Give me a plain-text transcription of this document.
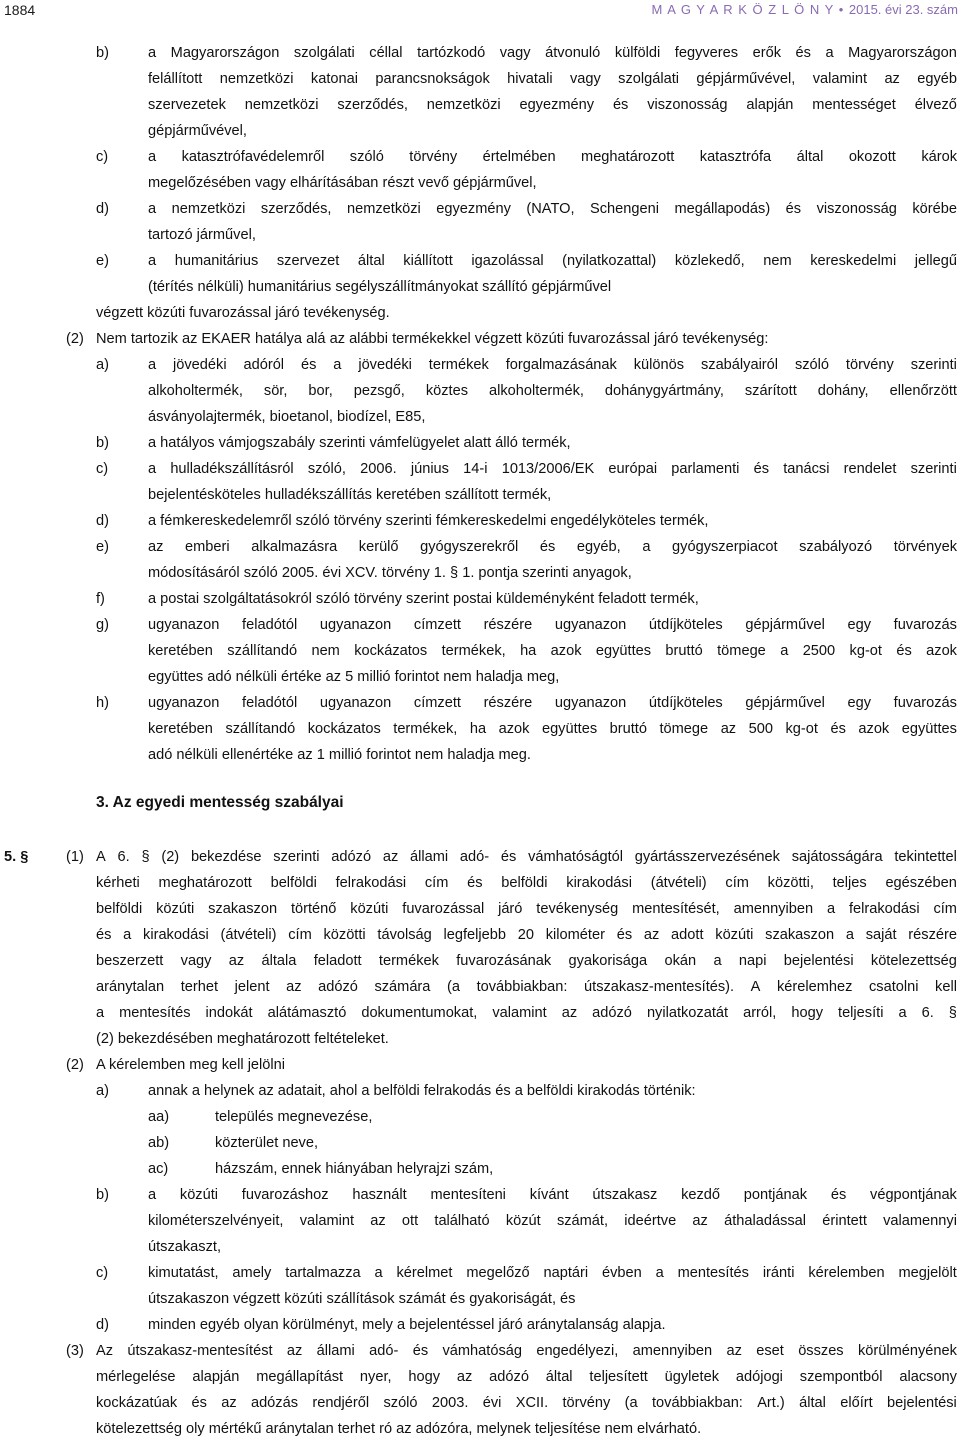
1884	M A G Y A R K Ö Z L Ö N Y • 2015. évi 23. szám
b)	a Magyarországon szolgálati céllal tartózkodó vagy átvonuló külföldi fegyveres erők és a Magyarországon
felállított nemzetközi katonai parancsnokságok hivatali vagy szolgálati gépjárművével, valamint az egyéb
szervezetek nemzetközi szerződés, nemzetközi egyezmény és viszonosság alapján mentességet élvező
gépjárművével,
c)	a katasztrófavédelemről szóló törvény értelmében meghatározott katasztrófa által okozott károk
megelőzésében vagy elhárításában részt vevő gépjárművel,
d)	a nemzetközi szerződés, nemzetközi egyezmény (NATO, Schengeni megállapodás) és viszonosság körébe
tartozó járművel,
e)	a humanitárius szervezet által kiállított igazolással (nyilatkozattal) közlekedő, nem kereskedelmi jellegű
(térítés nélküli) humanitárius segélyszállítmányokat szállító gépjárművel
végzett közúti fuvarozással járó tevékenység.
(2) Nem tartozik az EKAER hatálya alá az alábbi termékekkel végzett közúti fuvarozással járó tevékenység:
a)	a jövedéki adóról és a jövedéki termékek forgalmazásának különös szabályairól szóló törvény szerinti
alkoholtermék, sör, bor, pezsgő, köztes alkoholtermék, dohánygyártmány, szárított dohány, ellenőrzött
ásványolajtermék, bioetanol, biodízel, E85,
b)	a hatályos vámjogszabály szerinti vámfelügyelet alatt álló termék,
c)	a hulladékszállításról szóló, 2006. június 14-i 1013/2006/EK európai parlamenti és tanácsi rendelet szerinti
bejelentésköteles hulladékszállítás keretében szállított termék,
d)	a fémkereskedelemről szóló törvény szerinti fémkereskedelmi engedélyköteles termék,
e)	az emberi alkalmazásra kerülő gyógyszerekről és egyéb, a gyógyszerpiacot szabályozó törvények
módosításáról szóló 2005. évi XCV. törvény 1. § 1. pontja szerinti anyagok,
f)	a postai szolgáltatásokról szóló törvény szerint postai küldeményként feladott termék,
g)	ugyanazon feladótól ugyanazon címzett részére ugyanazon útdíjköteles gépjárművel egy fuvarozás
keretében szállítandó nem kockázatos termékek, ha azok együttes bruttó tömege a 2500 kg-ot és azok
együttes adó nélküli értéke az 5 millió forintot nem haladja meg,
h)	ugyanazon feladótól ugyanazon címzett részére ugyanazon útdíjköteles gépjárművel egy fuvarozás
keretében szállítandó kockázatos termékek, ha azok együttes bruttó tömege az 500 kg-ot és azok együttes
adó nélküli ellenértéke az 1 millió forintot nem haladja meg.
3. Az egyedi mentesség szabályai
5. §	(1) A 6. § (2) bekezdése szerinti adózó az állami adó- és vámhatóságtól gyártásszervezésének sajátosságára tekintettel
kérheti meghatározott belföldi felrakodási cím és belföldi kirakodási (átvételi) cím közötti, teljes egészében
belföldi közúti szakaszon történő közúti fuvarozással járó tevékenység mentesítését, amennyiben a felrakodási cím
és a kirakodási (átvételi) cím közötti távolság legfeljebb 20 kilométer és az adott közúti szakaszon a saját részére
beszerzett vagy az általa feladott termékek fuvarozásának gyakorisága okán a napi bejelentési kötelezettség
aránytalan terhet jelent az adózó számára (a továbbiakban: útszakasz-mentesítés). A kérelemhez csatolni kell
a mentesítés indokát alátámasztó dokumentumokat, valamint az adózó nyilatkozatát arról, hogy teljesíti a 6. §
(2) bekezdésében meghatározott feltételeket.
(2) A kérelemben meg kell jelölni
a)	annak a helynek az adatait, ahol a belföldi felrakodás és a belföldi kirakodás történik:
aa)	település megnevezése,
ab)	közterület neve,
ac)	házszám, ennek hiányában helyrajzi szám,
b)	a közúti fuvarozáshoz használt mentesíteni kívánt útszakasz kezdő pontjának és végpontjának
kilométerszelvényeit, valamint az ott található közút számát, ideértve az áthaladással érintett valamennyi
útszakaszt,
c)	kimutatást, amely tartalmazza a kérelmet megelőző naptári évben a mentesítés iránti kérelemben megjelölt
útszakaszon végzett közúti szállítások számát és gyakoriságát, és
d)	minden egyéb olyan körülményt, mely a bejelentéssel járó aránytalanság alapja.
(3) Az útszakasz-mentesítést az állami adó- és vámhatóság engedélyezi, amennyiben az eset összes körülményének
mérlegelése alapján megállapítást nyer, hogy az adózó által teljesített ügyletek adójogi szempontból alacsony
kockázatúak és az adózás rendjéről szóló 2003. évi XCII. törvény (a továbbiakban: Art.) által előírt bejelentési
kötelezettség oly mértékű aránytalan terhet ró az adózóra, melynek teljesítése nem elvárható.
